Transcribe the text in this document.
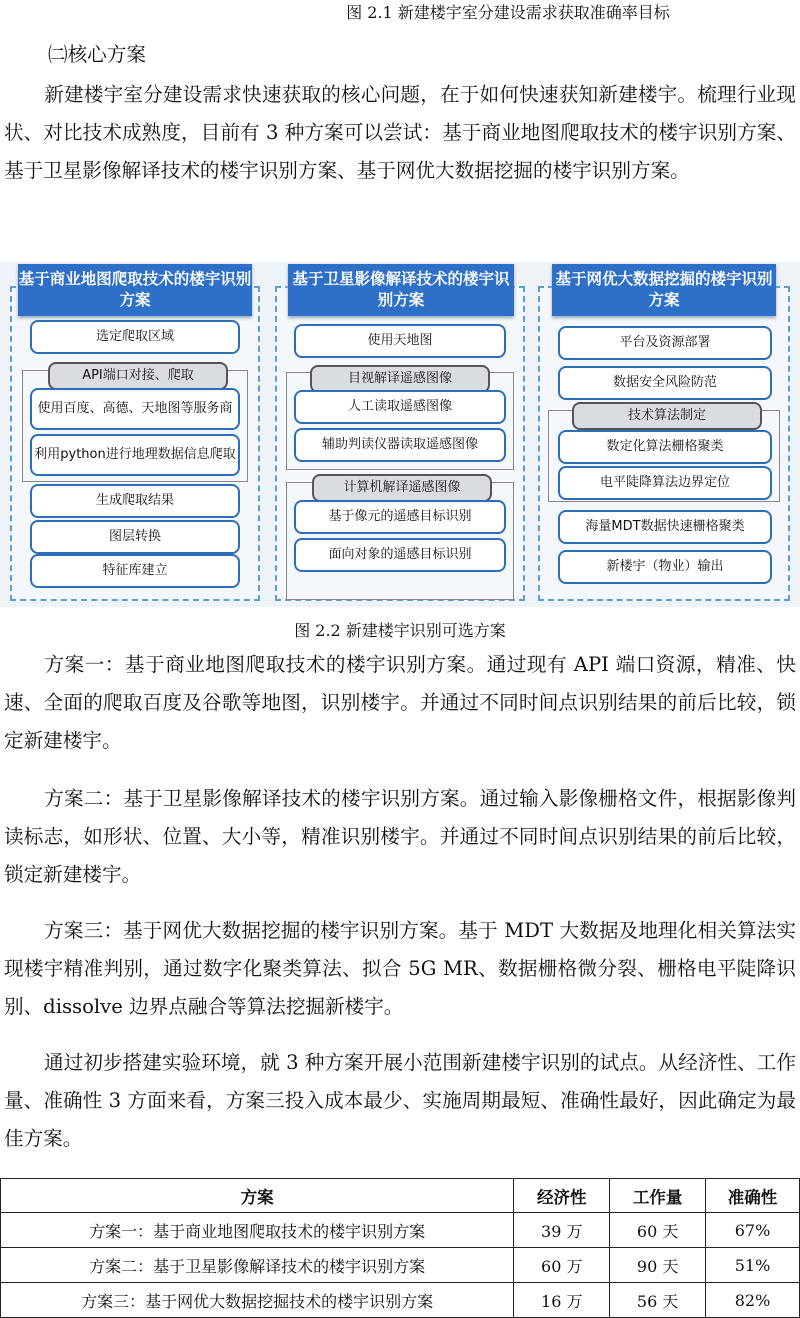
图 2.1 新建楼宇室分建设需求获取准确率目标
㈡核心方案

新建楼宇室分建设需求快速获取的核心问题，在于如何快速获知新建楼宇。梳理行业现状、对比技术成熟度，目前有 3 种方案可以尝试：基于商业地图爬取技术的楼宇识别方案、基于卫星影像解译技术的楼宇识别方案、基于网优大数据挖掘的楼宇识别方案。

基于商业地图爬取技术的楼宇识别方案
选定爬取区域
API端口对接、爬取
使用百度、高德、天地图等服务商
利用python进行地理数据信息爬取
生成爬取结果
图层转换
特征库建立
基于卫星影像解译技术的楼宇识别方案
使用天地图
目视解译遥感图像
人工读取遥感图像
辅助判读仪器读取遥感图像
计算机解译遥感图像
基于像元的遥感目标识别
面向对象的遥感目标识别
基于网优大数据挖掘的楼宇识别方案
平台及资源部署
数据安全风险防范
技术算法制定
数定化算法栅格聚类
电平陡降算法边界定位
海量MDT数据快速栅格聚类
新楼宇（物业）输出
图 2.2 新建楼宇识别可选方案

方案一：基于商业地图爬取技术的楼宇识别方案。通过现有 API 端口资源，精准、快速、全面的爬取百度及谷歌等地图，识别楼宇。并通过不同时间点识别结果的前后比较，锁定新建楼宇。

方案二：基于卫星影像解译技术的楼宇识别方案。通过输入影像栅格文件，根据影像判读标志，如形状、位置、大小等，精准识别楼宇。并通过不同时间点识别结果的前后比较，锁定新建楼宇。

方案三：基于网优大数据挖掘的楼宇识别方案。基于 MDT 大数据及地理化相关算法实现楼宇精准判别，通过数字化聚类算法、拟合 5G MR、数据栅格微分裂、栅格电平陡降识别、dissolve 边界点融合等算法挖掘新楼宇。

通过初步搭建实验环境，就 3 种方案开展小范围新建楼宇识别的试点。从经济性、工作量、准确性 3 方面来看，方案三投入成本最少、实施周期最短、准确性最好，因此确定为最佳方案。

方案	经济性	工作量	准确性
方案一：基于商业地图爬取技术的楼宇识别方案	39 万	60 天	67%
方案二：基于卫星影像解译技术的楼宇识别方案	60 万	90 天	51%
方案三：基于网优大数据挖掘技术的楼宇识别方案	16 万	56 天	82%
